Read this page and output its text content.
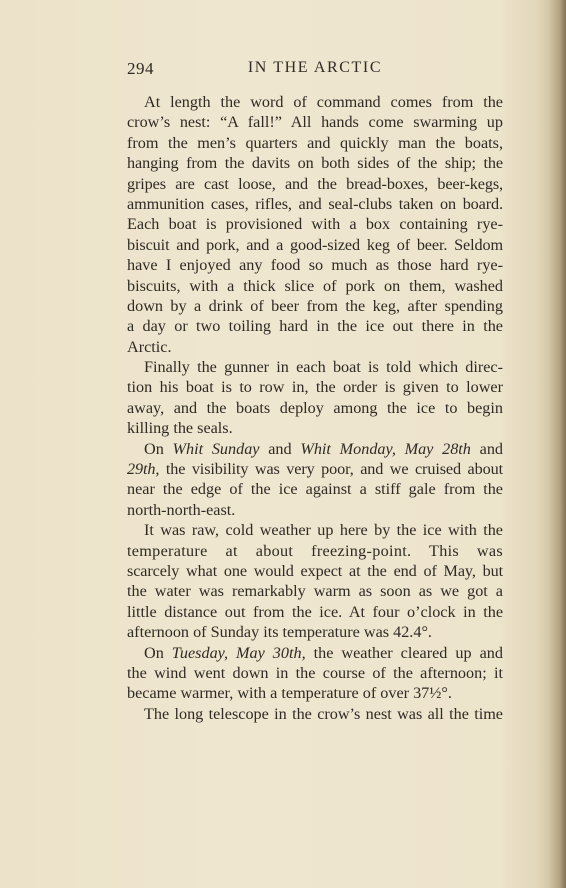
294	IN THE ARCTIC
At length the word of command comes from the
crow’s nest: “A fall!” All hands come swarming up
from the men’s quarters and quickly man the boats,
hanging from the davits on both sides of the ship; the
gripes are cast loose, and the bread-boxes, beer-kegs,
ammunition cases, rifles, and seal-clubs taken on board.
Each boat is provisioned with a box containing rye-
biscuit and pork, and a good-sized keg of beer. Seldom
have I enjoyed any food so much as those hard rye-
biscuits, with a thick slice of pork on them, washed
down by a drink of beer from the keg, after spending
a day or two toiling hard in the ice out there in the
Arctic.
Finally the gunner in each boat is told which direc-
tion his boat is to row in, the order is given to lower
away, and the boats deploy among the ice to begin
killing the seals.
On Whit Sunday and Whit Monday, May 28th and
29th, the visibility was very poor, and we cruised about
near the edge of the ice against a stiff gale from the
north-north-east.
It was raw, cold weather up here by the ice with the
temperature at about freezing-point. This was
scarcely what one would expect at the end of May, but
the water was remarkably warm as soon as we got a
little distance out from the ice. At four o’clock in the
afternoon of Sunday its temperature was 42.4°.
On Tuesday, May 30th, the weather cleared up and
the wind went down in the course of the afternoon; it
became warmer, with a temperature of over 37½°.
The long telescope in the crow’s nest was all the time
